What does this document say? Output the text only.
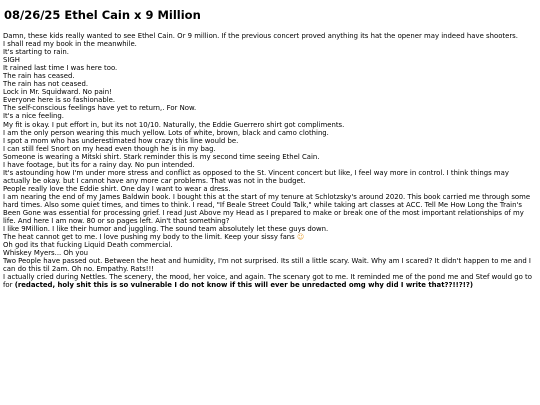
08/26/25 Ethel Cain x 9 Million

Damn, these kids really wanted to see Ethel Cain. Or 9 million. If the previous concert proved anything its hat the opener may indeed have shooters.

I shall read my book in the meanwhile.

It's starting to rain.

SIGH

It rained last time I was here too.

The rain has ceased.

The rain has not ceased.

Lock in Mr. Squidward. No pain!

Everyone here is so fashionable.

The self-conscious feelings have yet to return,. For Now.

It's a nice feeling.

My fit is okay. I put effort in, but its not 10/10. Naturally, the Eddie Guerrero shirt got compliments.

I am the only person wearing this much yellow. Lots of white, brown, black and camo clothing.

I spot a mom who has underestimated how crazy this line would be.

I can still feel Snort on my head even though he is in my bag.

Someone is wearing a Mitski shirt. Stark reminder this is my second time seeing Ethel Cain.

I have footage, but its for a rainy day. No pun intended.

It's astounding how I'm under more stress and conflict as opposed to the St. Vincent concert but like, I feel way more in control. I think things may actually be okay. but I cannot have any more car problems. That was not in the budget.

People really love the Eddie shirt. One day I want to wear a dress.

I am nearing the end of my James Baldwin book. I bought this at the start of my tenure at Schlotzsky's around 2020. This book carried me through some hard times. Also some quiet times, and times to think. I read, "If Beale Street Could Talk," while taking art classes at ACC. Tell Me How Long the Train's Been Gone was essential for processing grief. I read Just Above my Head as I prepared to make or break one of the most important relationships of my life. And here I am now. 80 or so pages left. Ain't that something?

I like 9Million. I like their humor and juggling. The sound team absolutely let these guys down.

The heat cannot get to me. I love pushing my body to the limit. Keep your sissy fans 😉

Oh god its that fucking Liquid Death commercial.

Whiskey Myers... Oh you

Two People have passed out. Between the heat and humidity, I'm not surprised. Its still a little scary. Wait. Why am I scared? It didn't happen to me and I can do this til 2am. Oh no. Empathy. Rats!!!

I actually cried during Nettles. The scenery, the mood, her voice, and again. The scenary got to me. It reminded me of the pond me and Stef would go to for (redacted, holy shit this is so vulnerable I do not know if this will ever be unredacted omg why did I write that??!!?!?)
